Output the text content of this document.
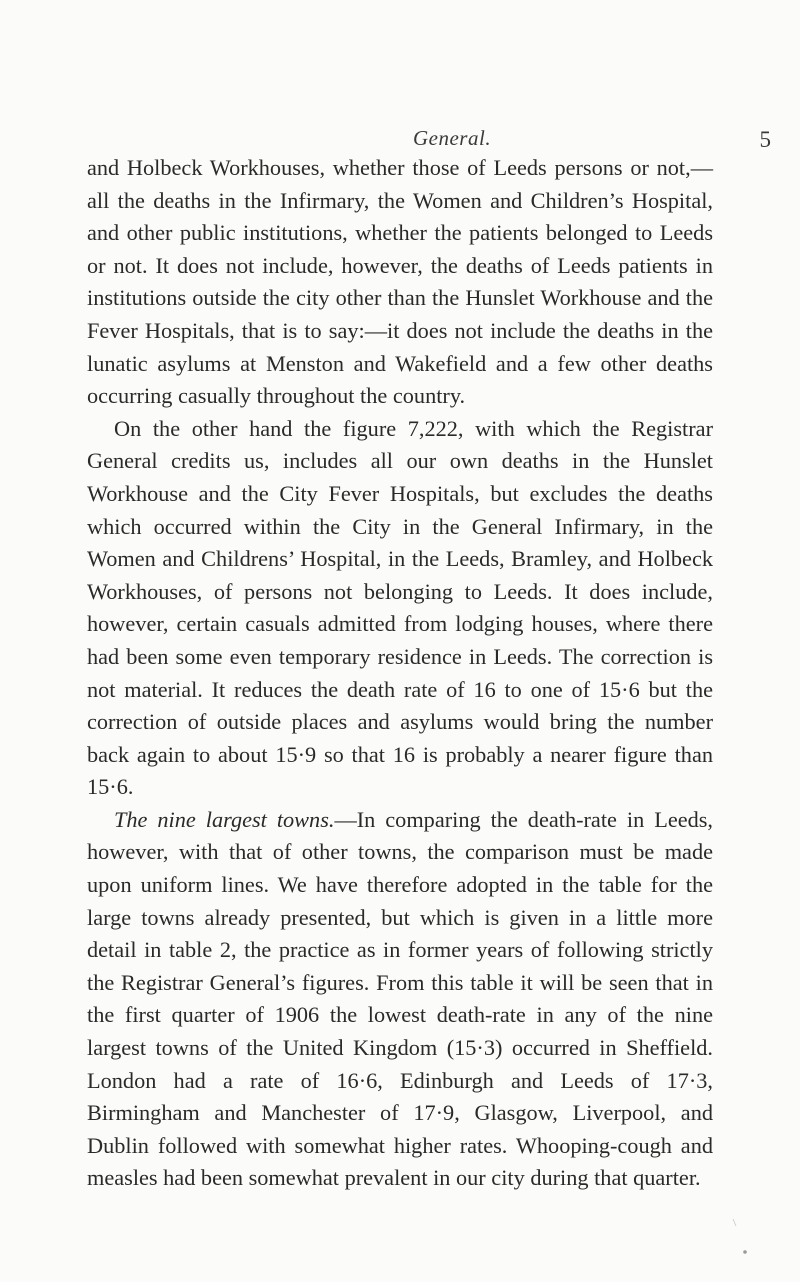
General.	5

and Holbeck Workhouses, whether those of Leeds persons or not,—all the deaths in the Infirmary, the Women and Children’s Hospital, and other public institutions, whether the patients belonged to Leeds or not. It does not include, however, the deaths of Leeds patients in institutions outside the city other than the Hunslet Workhouse and the Fever Hospitals, that is to say:—it does not include the deaths in the lunatic asylums at Menston and Wakefield and a few other deaths occurring casually throughout the country.

On the other hand the figure 7,222, with which the Registrar General credits us, includes all our own deaths in the Hunslet Workhouse and the City Fever Hospitals, but excludes the deaths which occurred within the City in the General Infirmary, in the Women and Childrens’ Hospital, in the Leeds, Bramley, and Holbeck Workhouses, of persons not belonging to Leeds. It does include, however, certain casuals admitted from lodging houses, where there had been some even temporary residence in Leeds. The correction is not material. It reduces the death rate of 16 to one of 15·6 but the correction of outside places and asylums would bring the number back again to about 15·9 so that 16 is probably a nearer figure than 15·6.

The nine largest towns.—In comparing the death-rate in Leeds, however, with that of other towns, the comparison must be made upon uniform lines. We have therefore adopted in the table for the large towns already presented, but which is given in a little more detail in table 2, the practice as in former years of following strictly the Registrar General’s figures. From this table it will be seen that in the first quarter of 1906 the lowest death-rate in any of the nine largest towns of the United Kingdom (15·3) occurred in Sheffield. London had a rate of 16·6, Edinburgh and Leeds of 17·3, Birmingham and Manchester of 17·9, Glasgow, Liverpool, and Dublin followed with somewhat higher rates. Whooping-cough and measles had been somewhat prevalent in our city during that quarter.
